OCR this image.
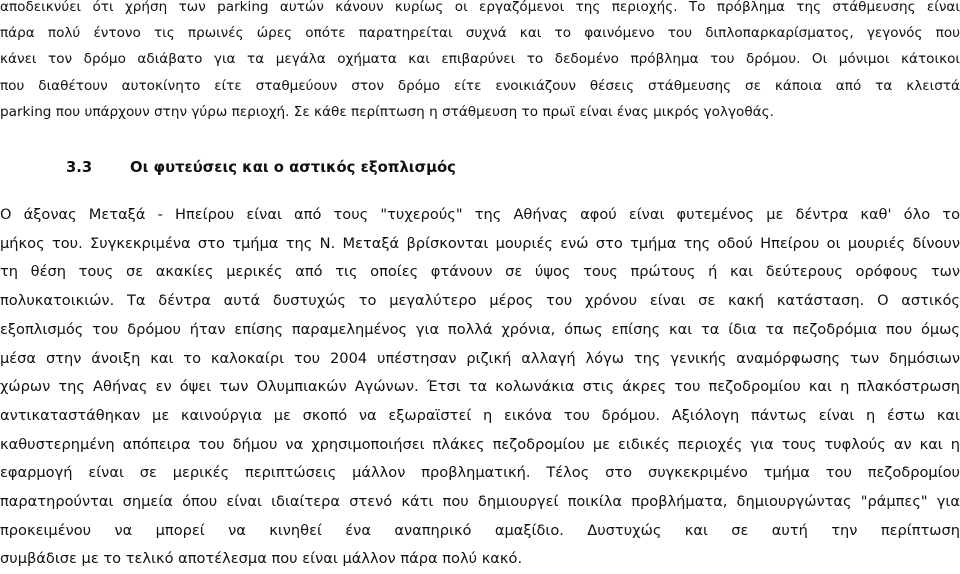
αποδεικνύει ότι χρήση των parking αυτών κάνουν κυρίως οι εργαζόμενοι της περιοχής. Το πρόβλημα της στάθμευσης είναι
πάρα πολύ έντονο τις πρωινές ώρες οπότε παρατηρείται συχνά και το φαινόμενο του διπλοπαρκαρίσματος, γεγονός που
κάνει τον δρόμο αδιάβατο για τα μεγάλα οχήματα και επιβαρύνει το δεδομένο πρόβλημα του δρόμου. Οι μόνιμοι κάτοικοι
που διαθέτουν αυτοκίνητο είτε σταθμεύουν στον δρόμο είτε ενοικιάζουν θέσεις στάθμευσης σε κάποια από τα κλειστά
parking που υπάρχουν στην γύρω περιοχή. Σε κάθε περίπτωση η στάθμευση το πρωϊ είναι ένας μικρός γολγοθάς.
3.3	Οι φυτεύσεις και ο αστικός εξοπλισμός
Ο άξονας Μεταξά - Ηπείρου είναι από τους "τυχερούς" της Αθήνας αφού είναι φυτεμένος με δέντρα καθ' όλο το
μήκος του. Συγκεκριμένα στο τμήμα της Ν. Μεταξά βρίσκονται μουριές ενώ στο τμήμα της οδού Ηπείρου οι μουριές δίνουν
τη θέση τους σε ακακίες μερικές από τις οποίες φτάνουν σε ύψος τους πρώτους ή και δεύτερους ορόφους των
πολυκατοικιών. Τα δέντρα αυτά δυστυχώς το μεγαλύτερο μέρος του χρόνου είναι σε κακή κατάσταση. Ο αστικός
εξοπλισμός του δρόμου ήταν επίσης παραμελημένος για πολλά χρόνια, όπως επίσης και τα ίδια τα πεζοδρόμια που όμως
μέσα στην άνοιξη και το καλοκαίρι του 2004 υπέστησαν ριζική αλλαγή λόγω της γενικής αναμόρφωσης των δημόσιων
χώρων της Αθήνας εν όψει των Ολυμπιακών Αγώνων. Έτσι τα κολωνάκια στις άκρες του πεζοδρομίου και η πλακόστρωση
αντικαταστάθηκαν με καινούργια με σκοπό να εξωραϊστεί η εικόνα του δρόμου. Αξιόλογη πάντως είναι η έστω και
καθυστερημένη απόπειρα του δήμου να χρησιμοποιήσει πλάκες πεζοδρομίου με ειδικές περιοχές για τους τυφλούς αν και η
εφαρμογή είναι σε μερικές περιπτώσεις μάλλον προβληματική. Τέλος στο συγκεκριμένο τμήμα του πεζοδρομίου
παρατηρούνται σημεία όπου είναι ιδιαίτερα στενό κάτι που δημιουργεί ποικίλα προβλήματα, δημιουργώντας "ράμπες" για
προκειμένου να μπορεί να κινηθεί ένα αναπηρικό αμαξίδιο. Δυστυχώς και σε αυτή την περίπτωση
συμβάδισε με το τελικό αποτέλεσμα που είναι μάλλον πάρα πολύ κακό.
